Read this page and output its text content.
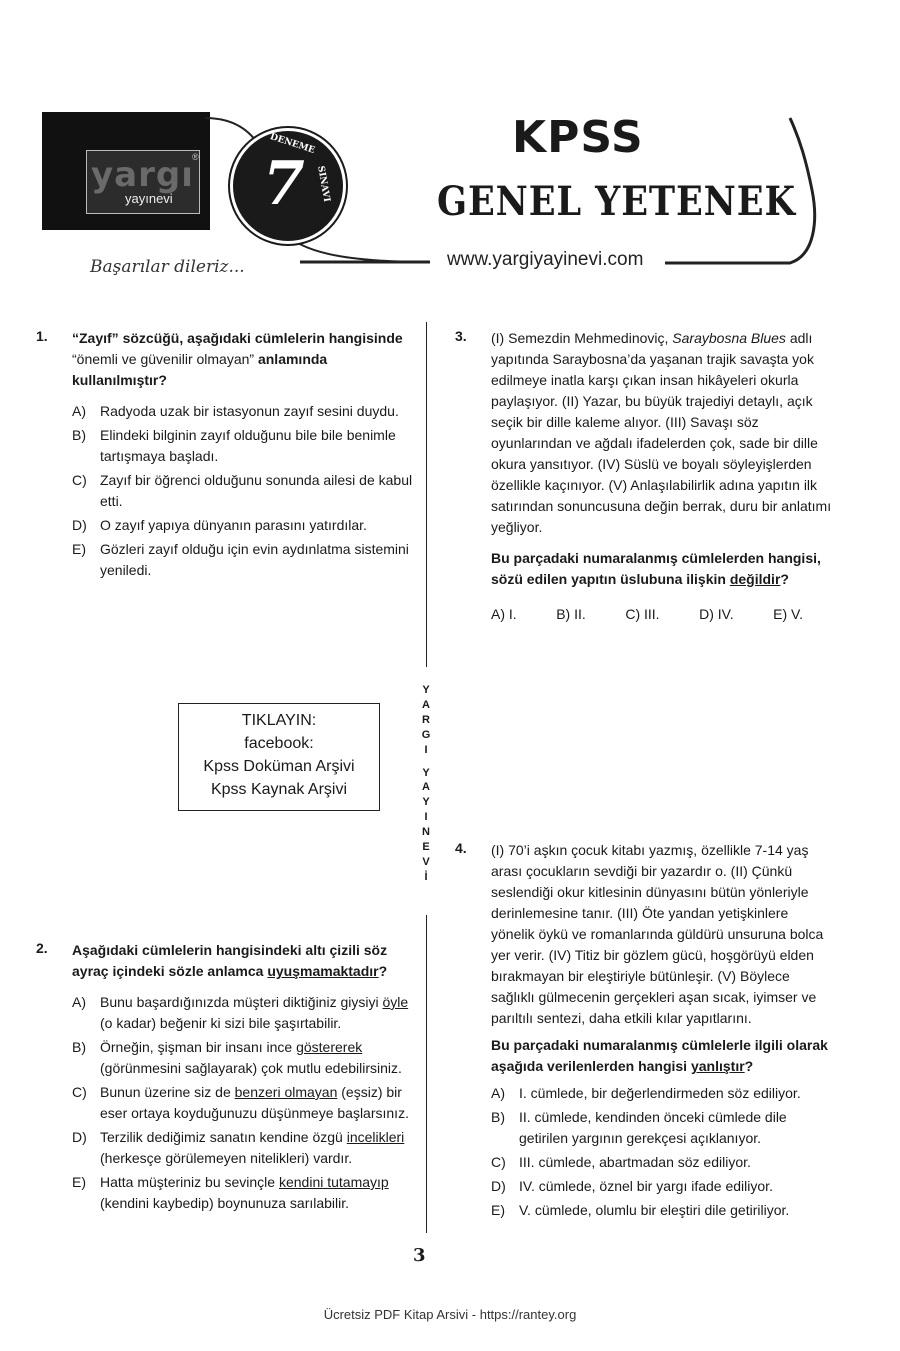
yargı
yayınevi
® 7
DENEME
SINAVI
KPSS
GENEL YETENEK
www.yargiyayinevi.com
Başarılar dileriz...
1.	“Zayıf” sözcüğü, aşağıdaki cümlelerin hangisinde “önemli ve güvenilir olmayan” anlamında kullanılmıştır?
A)	Radyoda uzak bir istasyonun zayıf sesini duydu.
B)	Elindeki bilginin zayıf olduğunu bile bile benimle tartışmaya başladı.
C) Zayıf bir öğrenci olduğunu sonunda ailesi de kabul etti.
D) O zayıf yapıya dünyanın parasını yatırdılar.
E)	Gözleri zayıf olduğu için evin aydınlatma sistemini yeniledi.
TIKLAYIN:
facebook:
Kpss Doküman Arşivi
Kpss Kaynak Arşivi
2.	Aşağıdaki cümlelerin hangisindeki altı çizili söz ayraç içindeki sözle anlamca uyuşmamaktadır?
A)	Bunu başardığınızda müşteri diktiğiniz giysiyi öyle (o kadar) beğenir ki sizi bile şaşırtabilir.
B)	Örneğin, şişman bir insanı ince göstererek (görünmesini sağlayarak) çok mutlu edebilirsiniz.
C) Bunun üzerine siz de benzeri olmayan (eşsiz) bir eser ortaya koyduğunuzu düşünmeye başlarsınız.
D) Terzilik dediğimiz sanatın kendine özgü incelikleri (herkesçe görülemeyen nitelikleri) vardır.
E)	Hatta müşteriniz bu sevinçle kendini tutamayıp (kendini kaybedip) boynunuza sarılabilir.
Y
A
R
G
I
Y
A
Y
I
N
E
V
İ
3.	(I) Semezdin Mehmedinoviç, Saraybosna Blues adlı yapıtında Saraybosna’da yaşanan trajik savaşta yok edilmeye inatla karşı çıkan insan hikâyeleri okurla paylaşıyor. (II) Yazar, bu büyük trajediyi detaylı, açık seçik bir dille kaleme alıyor. (III) Savaşı söz oyunlarından ve ağdalı ifadelerden çok, sade bir dille okura yansıtıyor. (IV) Süslü ve boyalı söyleyişlerden özellikle kaçınıyor. (V) Anlaşılabilirlik adına yapıtın ilk satırından sonuncusuna değin berrak, duru bir anlatımı yeğliyor.
Bu parçadaki numaralanmış cümlelerden hangisi, sözü edilen yapıtın üslubuna ilişkin değildir?
A) I.	B) II.	C) III.	D) IV.	E) V.
4.	(I) 70’i aşkın çocuk kitabı yazmış, özellikle 7-14 yaş arası çocukların sevdiği bir yazardır o. (II) Çünkü seslendiği okur kitlesinin dünyasını bütün yönleriyle derinlemesine tanır. (III) Öte yandan yetişkinlere yönelik öykü ve romanlarında güldürü unsuruna bolca yer verir. (IV) Titiz bir gözlem gücü, hoşgörüyü elden bırakmayan bir eleştiriyle bütünleşir. (V) Böylece sağlıklı gülmecenin gerçekleri aşan sıcak, iyimser ve parıltılı sentezi, daha etkili kılar yapıtlarını.
Bu parçadaki numaralanmış cümlelerle ilgili olarak aşağıda verilenlerden hangisi yanlıştır?
A)	I. cümlede, bir değerlendirmeden söz ediliyor.
B)	II. cümlede, kendinden önceki cümlede dile getirilen yargının gerekçesi açıklanıyor.
C) III. cümlede, abartmadan söz ediliyor.
D) IV. cümlede, öznel bir yargı ifade ediliyor.
E)	V. cümlede, olumlu bir eleştiri dile getiriliyor.
3
Ücretsiz PDF Kitap Arsivi - https://rantey.org
